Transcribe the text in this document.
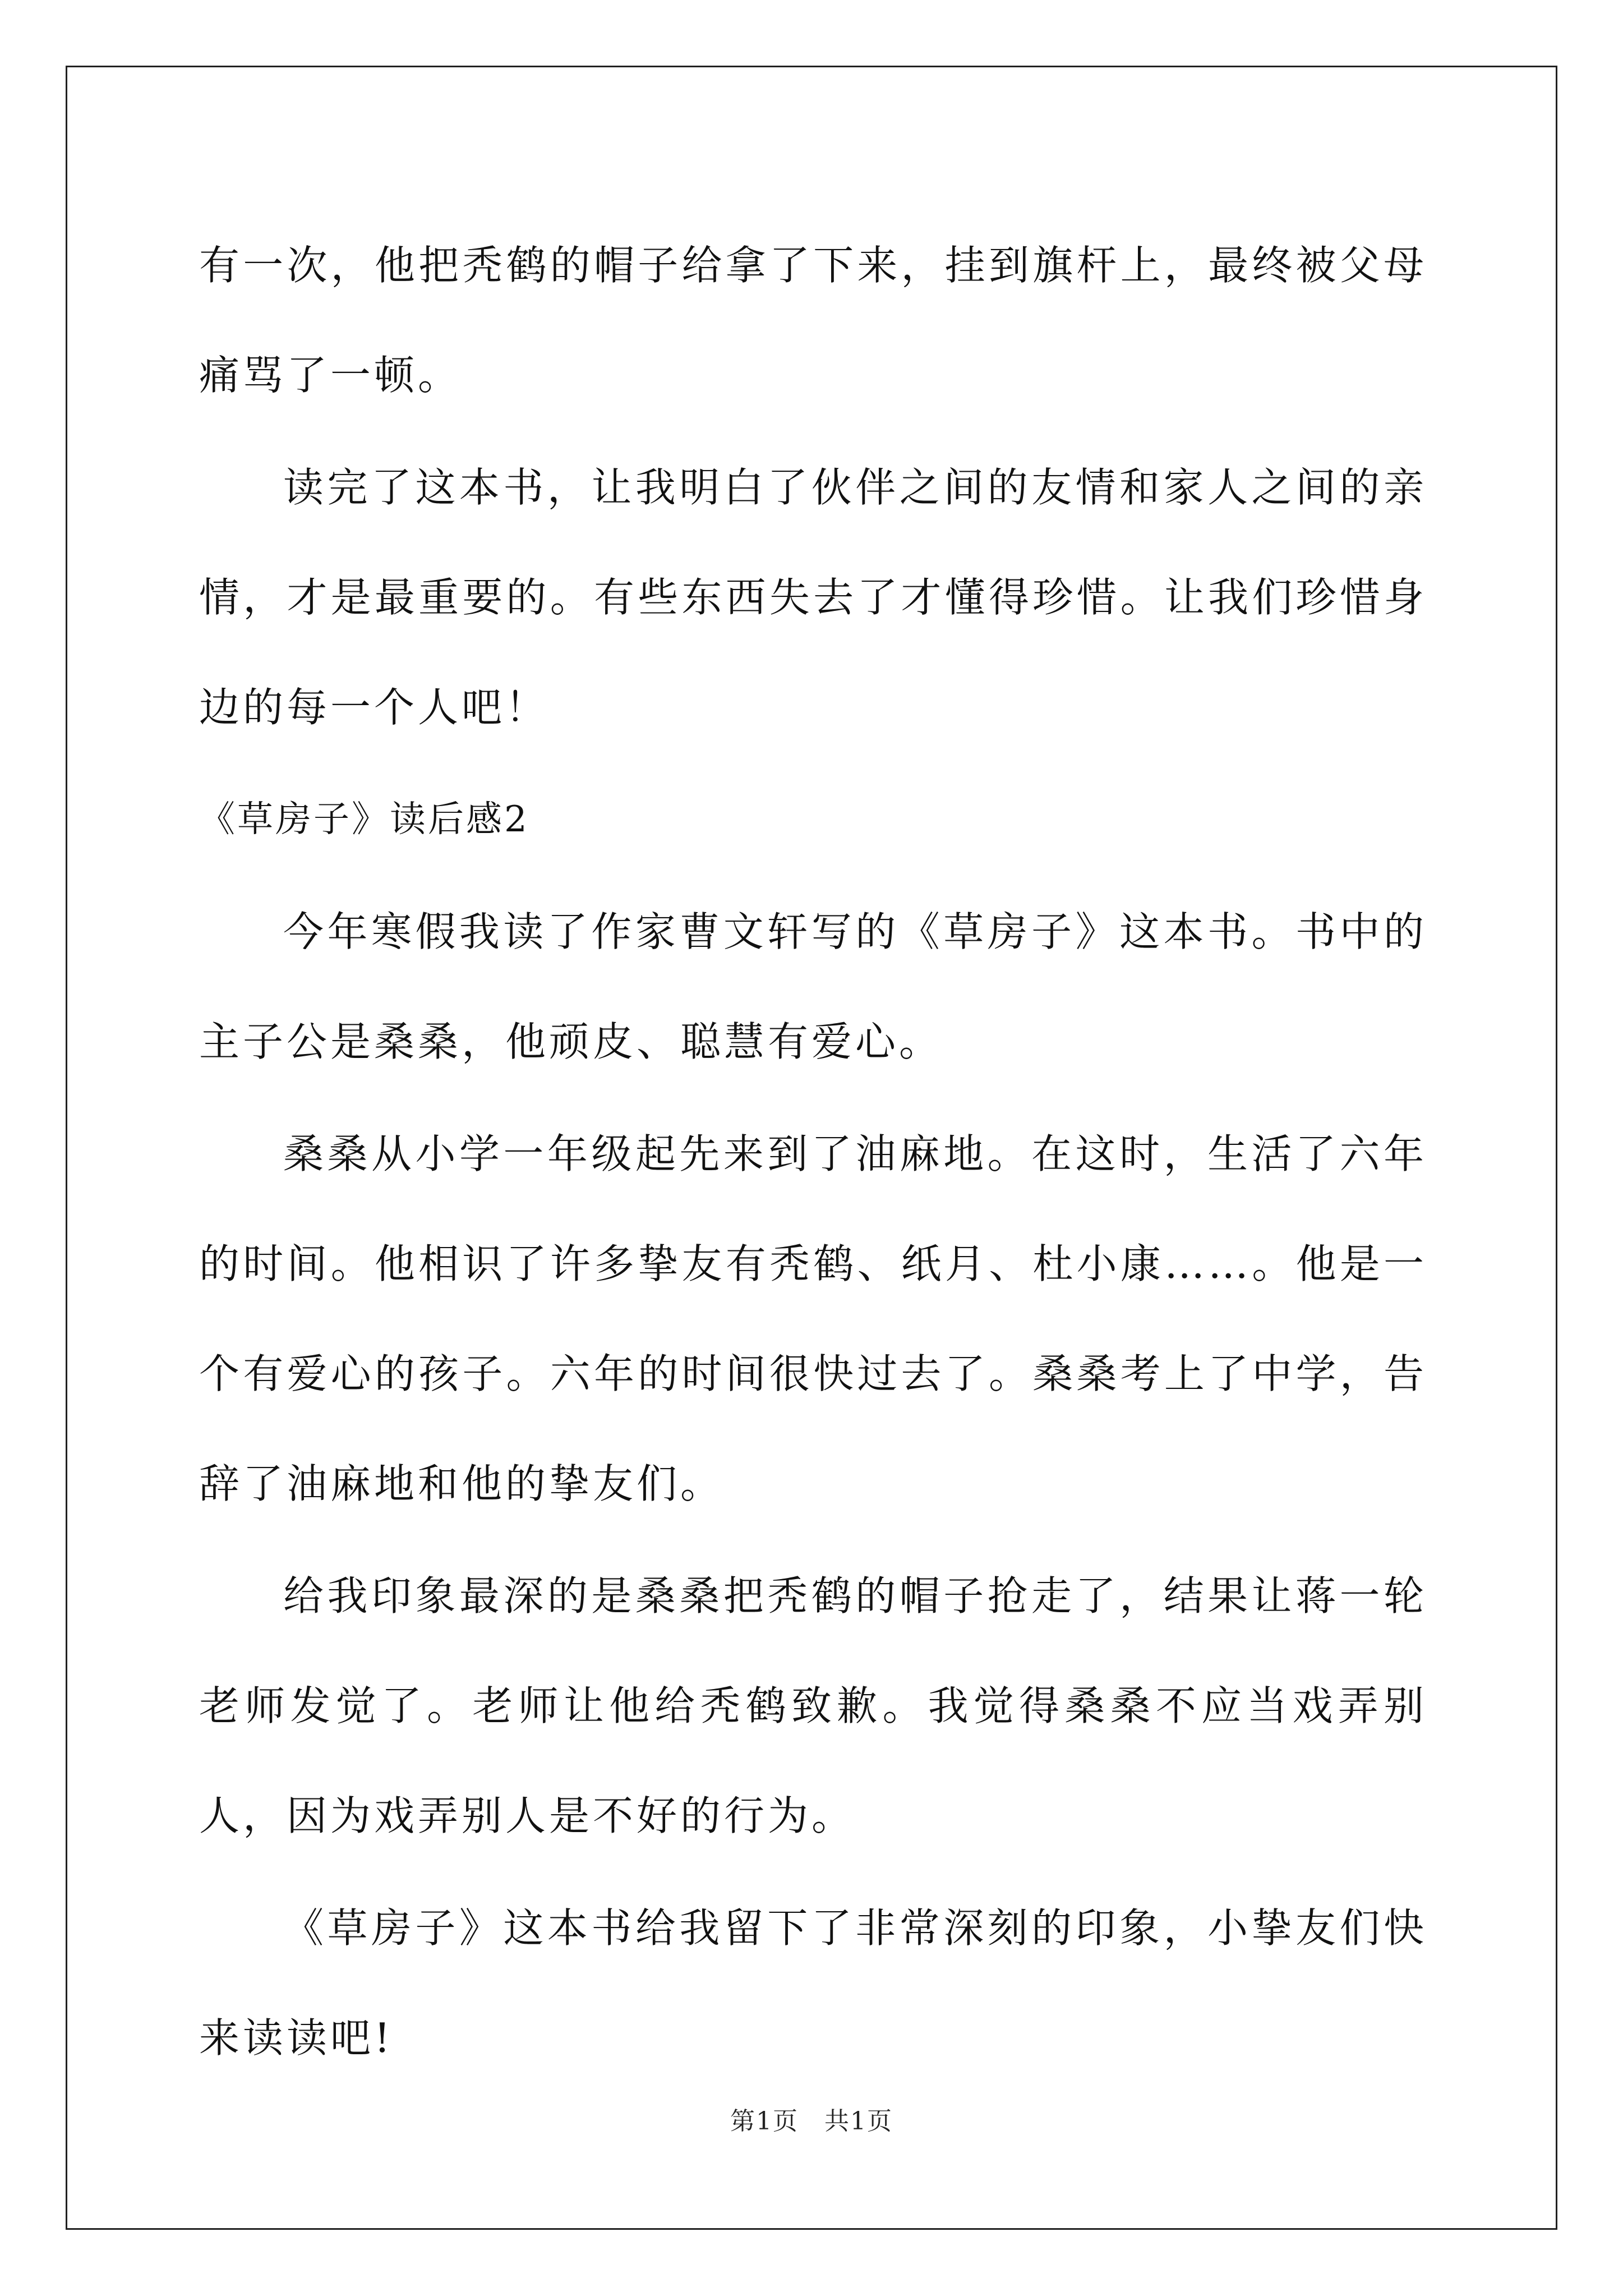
有一次，他把秃鹤的帽子给拿了下来，挂到旗杆上，最终被父母痛骂了一顿。

读完了这本书，让我明白了伙伴之间的友情和家人之间的亲情，才是最重要的。有些东西失去了才懂得珍惜。让我们珍惜身边的每一个人吧！

《草房子》读后感2

今年寒假我读了作家曹文轩写的《草房子》这本书。书中的主子公是桑桑，他顽皮、聪慧有爱心。

桑桑从小学一年级起先来到了油麻地。在这时，生活了六年的时间。他相识了许多挚友有秃鹤、纸月、杜小康……。他是一个有爱心的孩子。六年的时间很快过去了。桑桑考上了中学，告辞了油麻地和他的挚友们。

给我印象最深的是桑桑把秃鹤的帽子抢走了，结果让蒋一轮老师发觉了。老师让他给秃鹤致歉。我觉得桑桑不应当戏弄别人，因为戏弄别人是不好的行为。

《草房子》这本书给我留下了非常深刻的印象，小挚友们快来读读吧!

第1页　共1页
